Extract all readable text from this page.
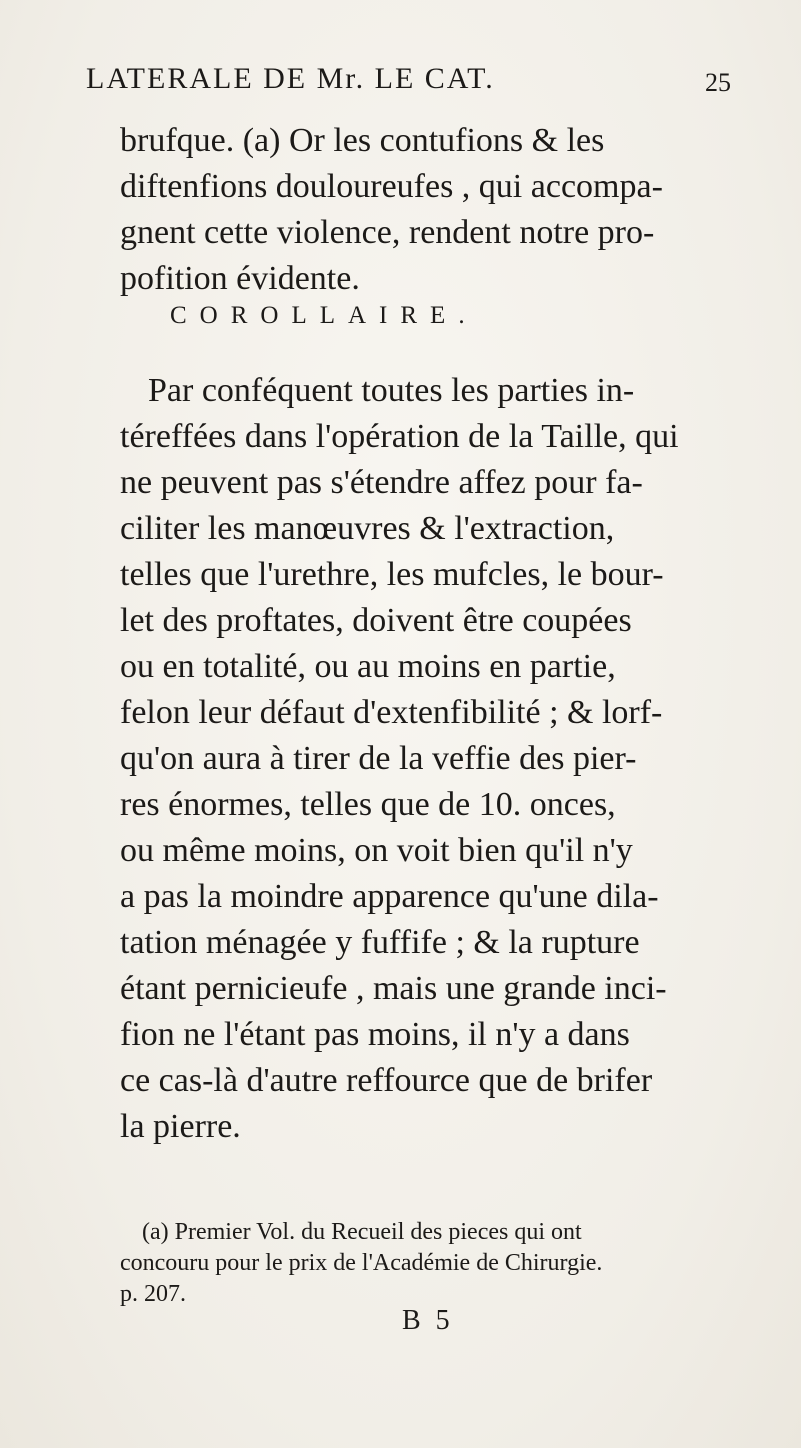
LATERALE DE Mr. LE CAT.	25
brufque. (a) Or les contufions & les
diftenfions douloureufes , qui accompa-
gnent cette violence, rendent notre pro-
pofition évidente.
COROLLAIRE.
Par conféquent toutes les parties in-
téreffées dans l'opération de la Taille, qui
ne peuvent pas s'étendre affez pour fa-
ciliter les manœuvres & l'extraction,
telles que l'urethre, les mufcles, le bour-
let des proftates, doivent être coupées
ou en totalité, ou au moins en partie,
felon leur défaut d'extenfibilité ; & lorf-
qu'on aura à tirer de la veffie des pier-
res énormes, telles que de 10. onces,
ou même moins, on voit bien qu'il n'y
a pas la moindre apparence qu'une dila-
tation ménagée y fuffife ; & la rupture
étant pernicieufe , mais une grande inci-
fion ne l'étant pas moins, il n'y a dans
ce cas-là d'autre reffource que de brifer
la pierre.
(a) Premier Vol. du Recueil des pieces qui ont
concouru pour le prix de l'Académie de Chirurgie.
p. 207.
B 5
